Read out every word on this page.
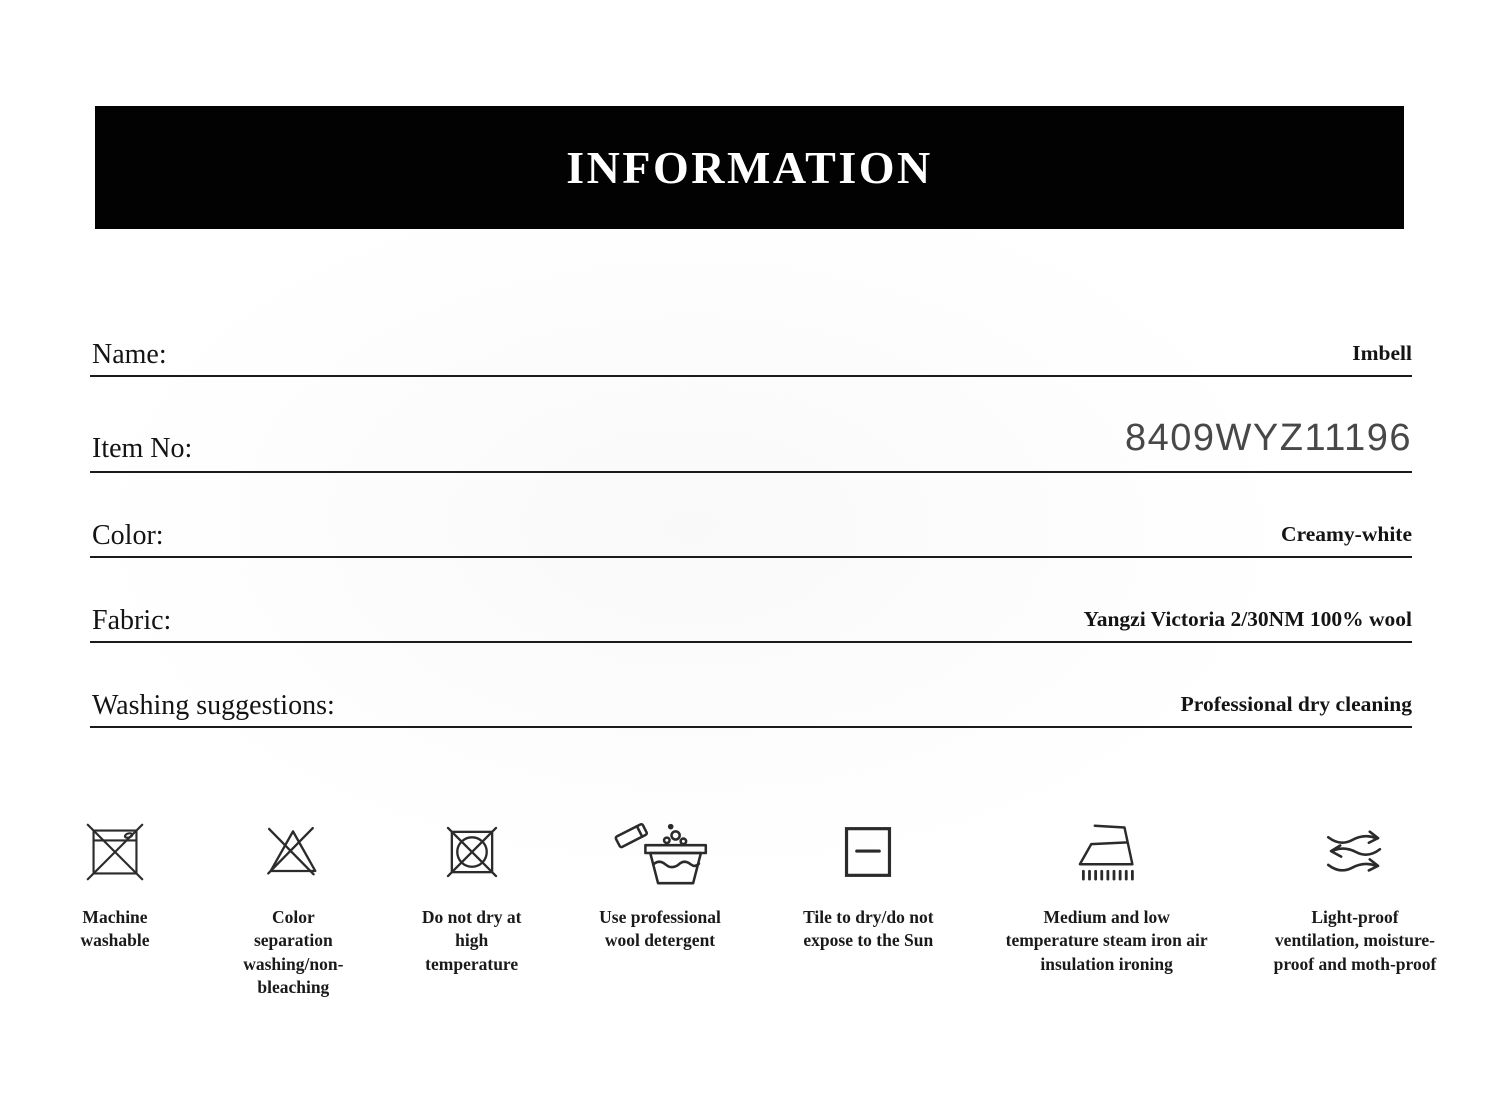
INFORMATION
Name:	Imbell
Item No:	8409WYZ11196
Color:	Creamy-white
Fabric:	Yangzi Victoria 2/30NM 100% wool
Washing suggestions:	Professional dry cleaning
Machine washable
Color separation washing/non-bleaching
Do not dry at high temperature
Use professional wool detergent
Tile to dry/do not expose to the Sun
Medium and low temperature steam iron air insulation ironing
Light-proof ventilation, moisture-proof and moth-proof
